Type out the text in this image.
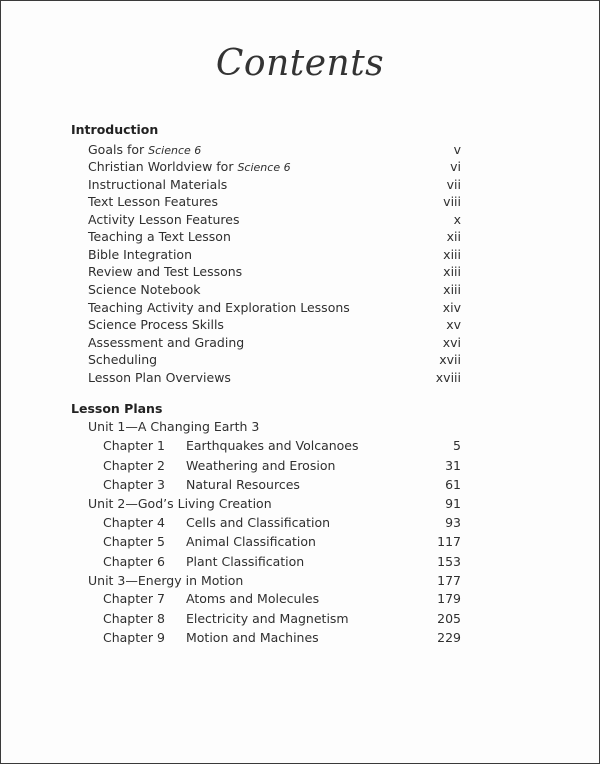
Contents
Introduction
Goals for Science 6	v
Christian Worldview for Science 6	vi
Instructional Materials	vii
Text Lesson Features	viii
Activity Lesson Features	x
Teaching a Text Lesson	xii
Bible Integration	xiii
Review and Test Lessons	xiii
Science Notebook	xiii
Teaching Activity and Exploration Lessons	xiv
Science Process Skills	xv
Assessment and Grading	xvi
Scheduling	xvii
Lesson Plan Overviews	xviii
Lesson Plans
Unit 1—A Changing Earth 3
Chapter 1 Earthquakes and Volcanoes	5
Chapter 2 Weathering and Erosion	31
Chapter 3 Natural Resources	61
Unit 2—God’s Living Creation	91
Chapter 4 Cells and Classification	93
Chapter 5 Animal Classification	117
Chapter 6 Plant Classification	153
Unit 3—Energy in Motion	177
Chapter 7 Atoms and Molecules	179
Chapter 8 Electricity and Magnetism	205
Chapter 9 Motion and Machines	229
